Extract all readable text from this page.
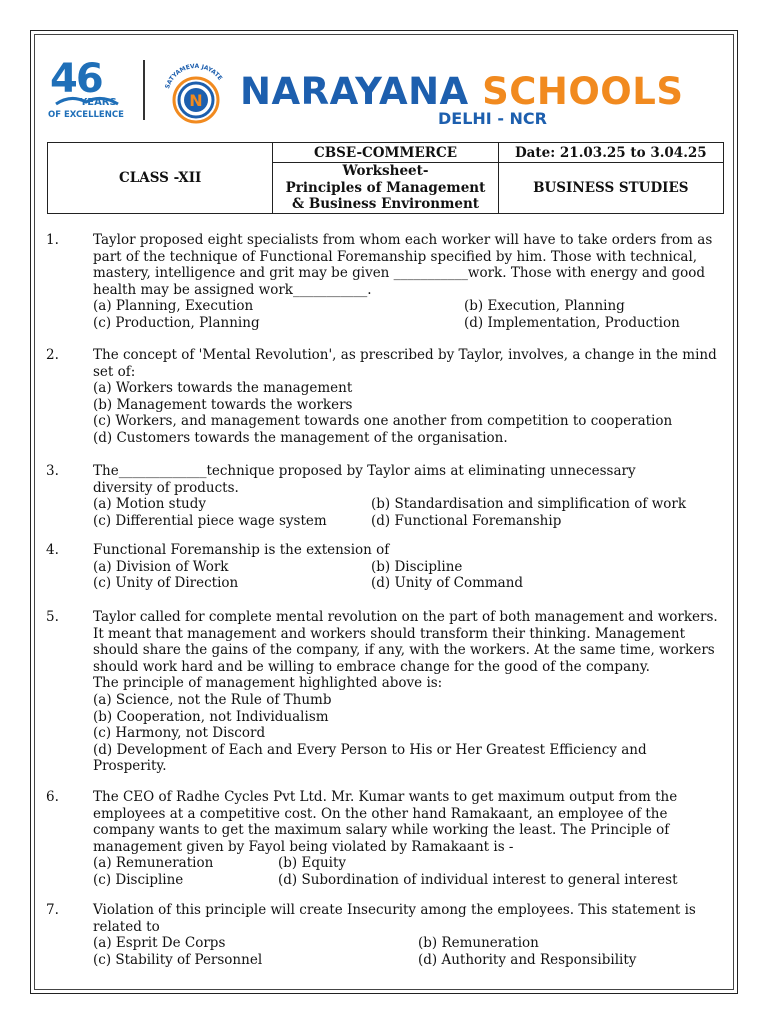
46
YEARS
OF EXCELLENCE
SATYAMEVA JAYATE
N NARAYANA SCHOOLS
DELHI - NCR
CLASS -XII	CBSE-COMMERCE	Date: 21.03.25 to 3.04.25

	Worksheet-
Principles of Management
& Business Environment	BUSINESS STUDIES
1.	Taylor proposed eight specialists from whom each worker will have to take orders from as
part of the technique of Functional Foremanship specified by him. Those with technical,
mastery, intelligence and grit may be given ___________work. Those with energy and good
health may be assigned work___________.
(a) Planning, Execution	(b) Execution, Planning
(c) Production, Planning	(d) Implementation, Production
2.	The concept of 'Mental Revolution', as prescribed by Taylor, involves, a change in the mind
set of:
(a) Workers towards the management
(b) Management towards the workers
(c) Workers, and management towards one another from competition to cooperation
(d) Customers towards the management of the organisation.
3.	The_____________technique proposed by Taylor aims at eliminating unnecessary
diversity of products.
(a) Motion study	(b) Standardisation and simplification of work
(c) Differential piece wage system	(d) Functional Foremanship
4.	Functional Foremanship is the extension of
(a) Division of Work	(b) Discipline
(c) Unity of Direction	(d) Unity of Command
5.	Taylor called for complete mental revolution on the part of both management and workers.
It meant that management and workers should transform their thinking. Management
should share the gains of the company, if any, with the workers. At the same time, workers
should work hard and be willing to embrace change for the good of the company.
The principle of management highlighted above is:
(a) Science, not the Rule of Thumb
(b) Cooperation, not Individualism
(c) Harmony, not Discord
(d) Development of Each and Every Person to His or Her Greatest Efficiency and
Prosperity.
6.	The CEO of Radhe Cycles Pvt Ltd. Mr. Kumar wants to get maximum output from the
employees at a competitive cost. On the other hand Ramakaant, an employee of the
company wants to get the maximum salary while working the least. The Principle of
management given by Fayol being violated by Ramakaant is -
(a) Remuneration	(b) Equity
(c) Discipline	(d) Subordination of individual interest to general interest
7.	Violation of this principle will create Insecurity among the employees. This statement is
related to
(a) Esprit De Corps	(b) Remuneration
(c) Stability of Personnel	(d) Authority and Responsibility
